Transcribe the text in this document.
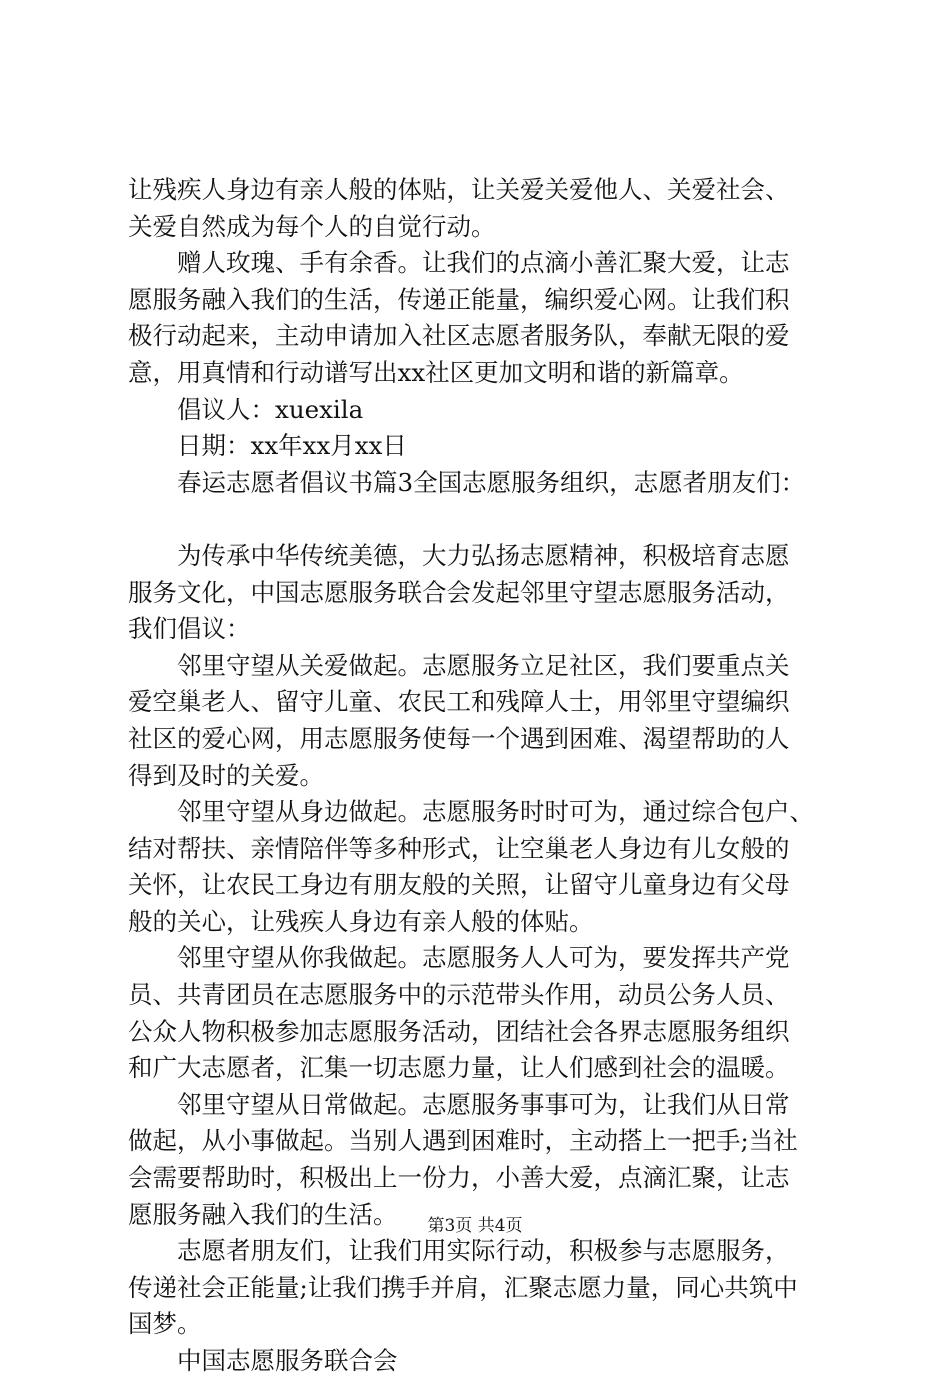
让残疾人身边有亲人般的体贴，让关爱关爱他人、关爱社会、
关爱自然成为每个人的自觉行动。
赠人玫瑰、手有余香。让我们的点滴小善汇聚大爱，让志
愿服务融入我们的生活，传递正能量，编织爱心网。让我们积
极行动起来，主动申请加入社区志愿者服务队，奉献无限的爱
意，用真情和行动谱写出xx社区更加文明和谐的新篇章。
倡议人：xuexila
日期：xx年xx月xx日
春运志愿者倡议书篇3全国志愿服务组织，志愿者朋友们：
为传承中华传统美德，大力弘扬志愿精神，积极培育志愿
服务文化，中国志愿服务联合会发起邻里守望志愿服务活动，
我们倡议：
邻里守望从关爱做起。志愿服务立足社区，我们要重点关
爱空巢老人、留守儿童、农民工和残障人士，用邻里守望编织
社区的爱心网，用志愿服务使每一个遇到困难、渴望帮助的人
得到及时的关爱。
邻里守望从身边做起。志愿服务时时可为，通过综合包户、
结对帮扶、亲情陪伴等多种形式，让空巢老人身边有儿女般的
关怀，让农民工身边有朋友般的关照，让留守儿童身边有父母
般的关心，让残疾人身边有亲人般的体贴。
邻里守望从你我做起。志愿服务人人可为，要发挥共产党
员、共青团员在志愿服务中的示范带头作用，动员公务人员、
公众人物积极参加志愿服务活动，团结社会各界志愿服务组织
和广大志愿者，汇集一切志愿力量，让人们感到社会的温暖。
邻里守望从日常做起。志愿服务事事可为，让我们从日常
做起，从小事做起。当别人遇到困难时，主动搭上一把手;当社
会需要帮助时，积极出上一份力，小善大爱，点滴汇聚，让志
愿服务融入我们的生活。
志愿者朋友们，让我们用实际行动，积极参与志愿服务，
传递社会正能量;让我们携手并肩，汇聚志愿力量，同心共筑中
国梦。
中国志愿服务联合会
第3页 共4页
